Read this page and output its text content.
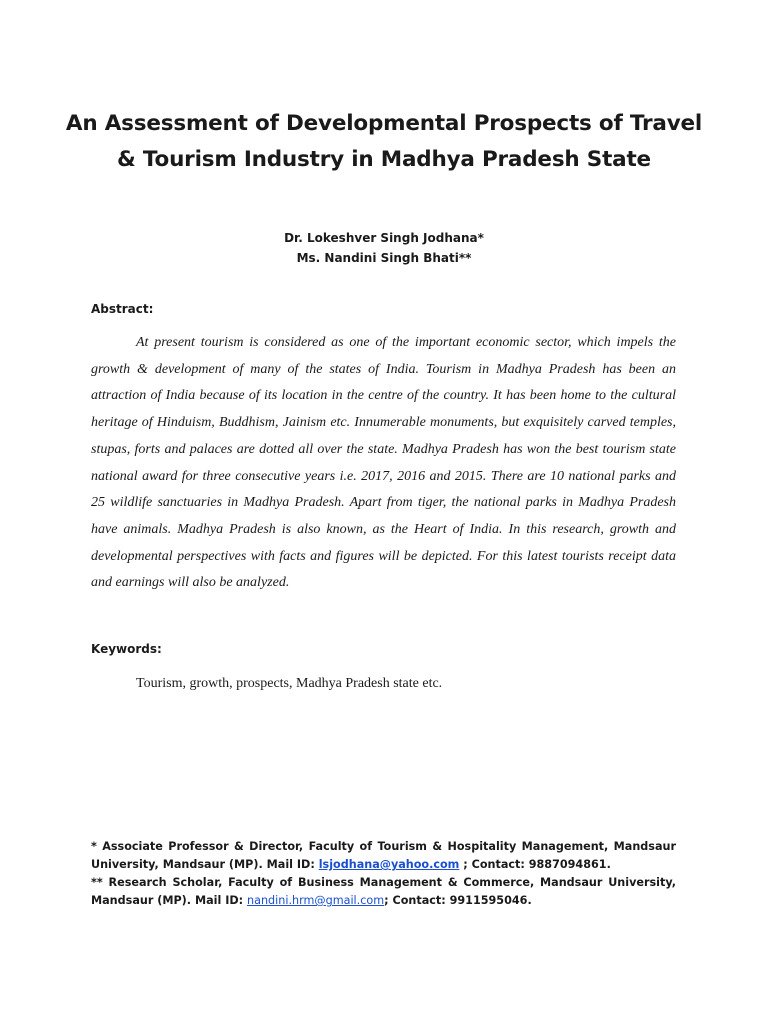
An Assessment of Developmental Prospects of Travel & Tourism Industry in Madhya Pradesh State
Dr. Lokeshver Singh Jodhana*
Ms. Nandini Singh Bhati**
Abstract:

At present tourism is considered as one of the important economic sector, which impels the growth & development of many of the states of India. Tourism in Madhya Pradesh has been an attraction of India because of its location in the centre of the country. It has been home to the cultural heritage of Hinduism, Buddhism, Jainism etc. Innumerable monuments, but exquisitely carved temples, stupas, forts and palaces are dotted all over the state. Madhya Pradesh has won the best tourism state national award for three consecutive years i.e. 2017, 2016 and 2015. There are 10 national parks and 25 wildlife sanctuaries in Madhya Pradesh. Apart from tiger, the national parks in Madhya Pradesh have animals. Madhya Pradesh is also known, as the Heart of India. In this research, growth and developmental perspectives with facts and figures will be depicted. For this latest tourists receipt data and earnings will also be analyzed.

Keywords:
Tourism, growth, prospects, Madhya Pradesh state etc.

* Associate Professor & Director, Faculty of Tourism & Hospitality Management, Mandsaur University, Mandsaur (MP). Mail ID: lsjodhana@yahoo.com ; Contact: 9887094861.

** Research Scholar, Faculty of Business Management & Commerce, Mandsaur University, Mandsaur (MP). Mail ID: nandini.hrm@gmail.com; Contact: 9911595046.
